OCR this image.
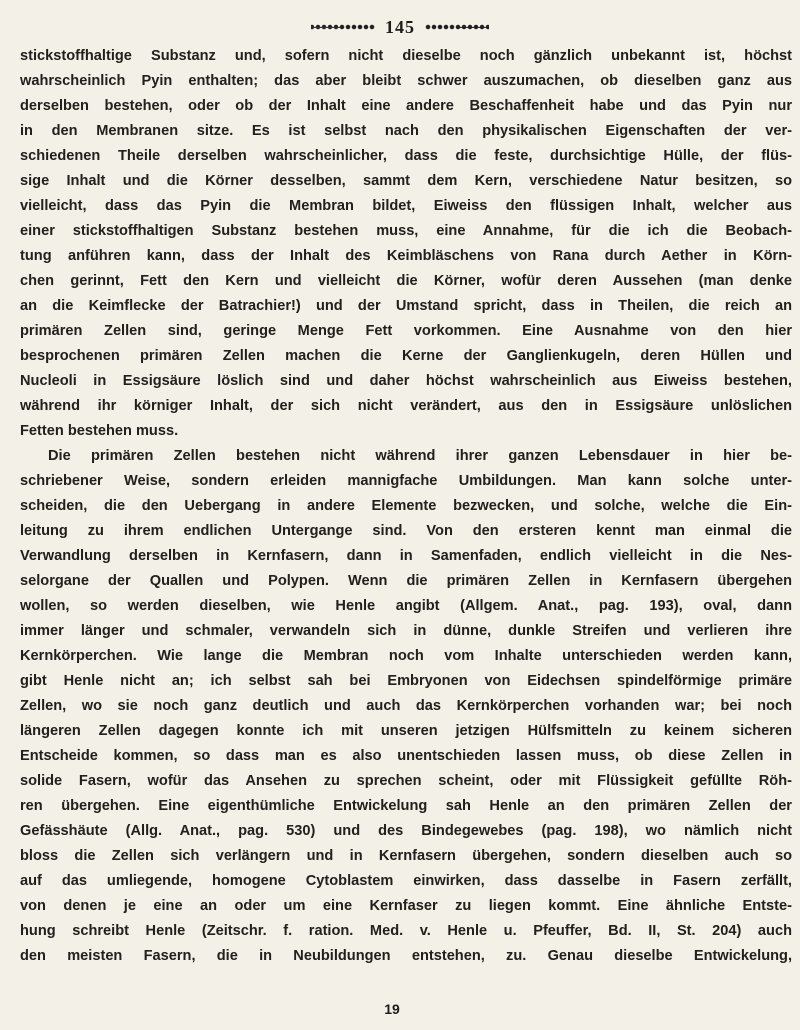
145
stickstoffhaltige Substanz und, sofern nicht dieselbe noch gänzlich unbekannt ist, höchst
wahrscheinlich Pyin enthalten; das aber bleibt schwer auszumachen, ob dieselben ganz aus
derselben bestehen, oder ob der Inhalt eine andere Beschaffenheit habe und das Pyin nur
in den Membranen sitze. Es ist selbst nach den physikalischen Eigenschaften der ver-
schiedenen Theile derselben wahrscheinlicher, dass die feste, durchsichtige Hülle, der flüs-
sige Inhalt und die Körner desselben, sammt dem Kern, verschiedene Natur besitzen, so
vielleicht, dass das Pyin die Membran bildet, Eiweiss den flüssigen Inhalt, welcher aus
einer stickstoffhaltigen Substanz bestehen muss, eine Annahme, für die ich die Beobach-
tung anführen kann, dass der Inhalt des Keimbläschens von Rana durch Aether in Körn-
chen gerinnt, Fett den Kern und vielleicht die Körner, wofür deren Aussehen (man denke
an die Keimflecke der Batrachier!) und der Umstand spricht, dass in Theilen, die reich an
primären Zellen sind, geringe Menge Fett vorkommen. Eine Ausnahme von den hier
besprochenen primären Zellen machen die Kerne der Ganglienkugeln, deren Hüllen und
Nucleoli in Essigsäure löslich sind und daher höchst wahrscheinlich aus Eiweiss bestehen,
während ihr körniger Inhalt, der sich nicht verändert, aus den in Essigsäure unlöslichen
Fetten bestehen muss.
Die primären Zellen bestehen nicht während ihrer ganzen Lebensdauer in hier be-
schriebener Weise, sondern erleiden mannigfache Umbildungen. Man kann solche unter-
scheiden, die den Uebergang in andere Elemente bezwecken, und solche, welche die Ein-
leitung zu ihrem endlichen Untergange sind. Von den ersteren kennt man einmal die
Verwandlung derselben in Kernfasern, dann in Samenfaden, endlich vielleicht in die Nes-
selorgane der Quallen und Polypen. Wenn die primären Zellen in Kernfasern übergehen
wollen, so werden dieselben, wie Henle angibt (Allgem. Anat., pag. 193), oval, dann
immer länger und schmaler, verwandeln sich in dünne, dunkle Streifen und verlieren ihre
Kernkörperchen. Wie lange die Membran noch vom Inhalte unterschieden werden kann,
gibt Henle nicht an; ich selbst sah bei Embryonen von Eidechsen spindelförmige primäre
Zellen, wo sie noch ganz deutlich und auch das Kernkörperchen vorhanden war; bei noch
längeren Zellen dagegen konnte ich mit unseren jetzigen Hülfsmitteln zu keinem sicheren
Entscheide kommen, so dass man es also unentschieden lassen muss, ob diese Zellen in
solide Fasern, wofür das Ansehen zu sprechen scheint, oder mit Flüssigkeit gefüllte Röh-
ren übergehen. Eine eigenthümliche Entwickelung sah Henle an den primären Zellen der
Gefässhäute (Allg. Anat., pag. 530) und des Bindegewebes (pag. 198), wo nämlich nicht
bloss die Zellen sich verlängern und in Kernfasern übergehen, sondern dieselben auch so
auf das umliegende, homogene Cytoblastem einwirken, dass dasselbe in Fasern zerfällt,
von denen je eine an oder um eine Kernfaser zu liegen kommt. Eine ähnliche Entste-
hung schreibt Henle (Zeitschr. f. ration. Med. v. Henle u. Pfeuffer, Bd. II, St. 204) auch
den meisten Fasern, die in Neubildungen entstehen, zu. Genau dieselbe Entwickelung,
19
